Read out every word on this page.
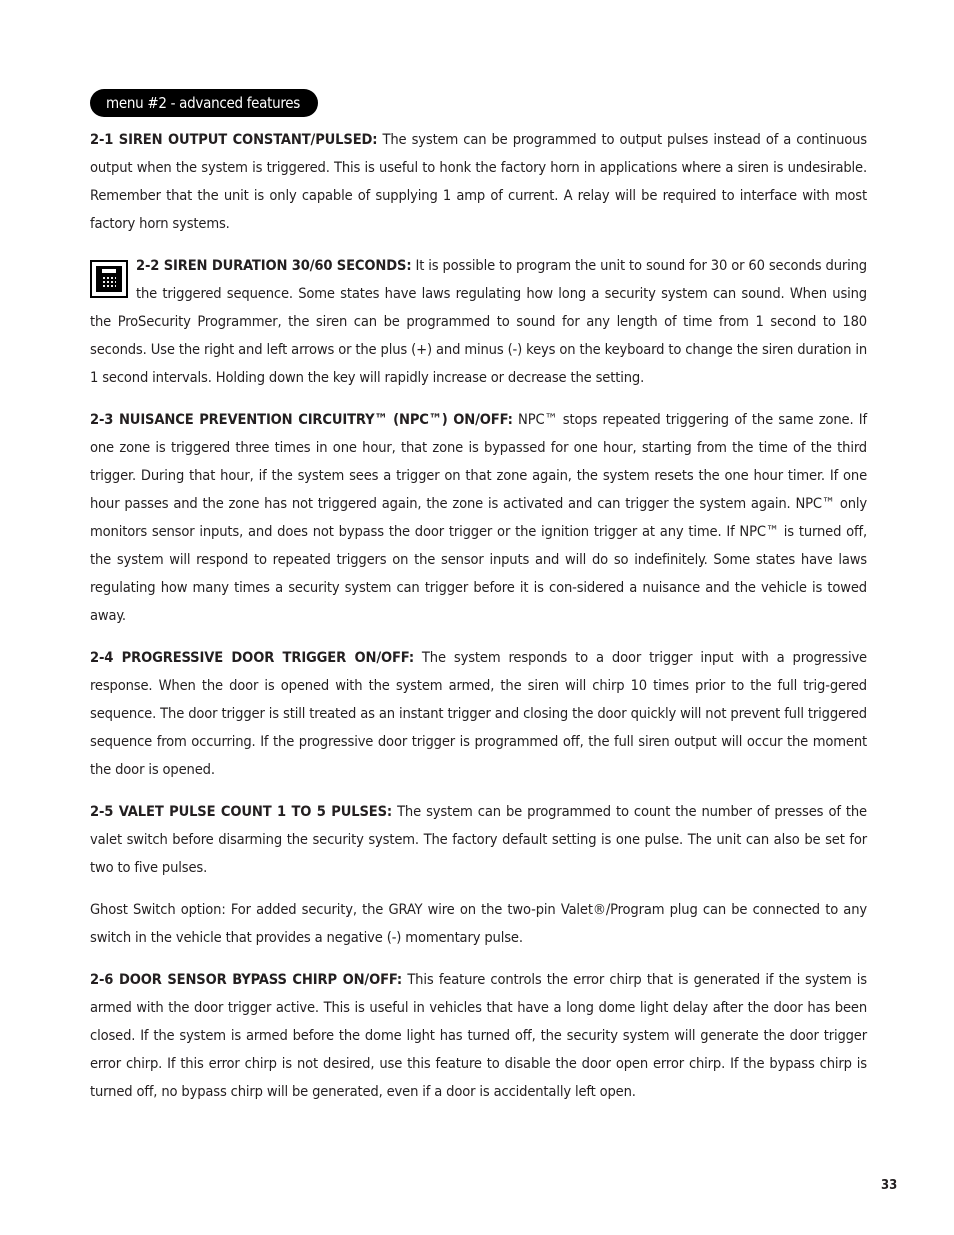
menu #2 - advanced features

2-1 SIREN OUTPUT CONSTANT/PULSED: The system can be programmed to output pulses instead of a continuous output when the system is triggered. This is useful to honk the factory horn in applications where a siren is undesirable. Remember that the unit is only capable of supplying 1 amp of current. A relay will be required to interface with most factory horn systems.

2-2 SIREN DURATION 30/60 SECONDS: It is possible to program the unit to sound for 30 or 60 seconds during the triggered sequence. Some states have laws regulating how long a security system can sound. When using the ProSecurity Programmer, the siren can be programmed to sound for any length of time from 1 second to 180 seconds. Use the right and left arrows or the plus (+) and minus (-) keys on the keyboard to change the siren duration in 1 second intervals. Holding down the key will rapidly increase or decrease the setting.

2-3 NUISANCE PREVENTION CIRCUITRY™ (NPC™) ON/OFF: NPC™ stops repeated triggering of the same zone. If one zone is triggered three times in one hour, that zone is bypassed for one hour, starting from the time of the third trigger. During that hour, if the system sees a trigger on that zone again, the system resets the one hour timer. If one hour passes and the zone has not triggered again, the zone is activated and can trigger the system again. NPC™ only monitors sensor inputs, and does not bypass the door trigger or the ignition trigger at any time. If NPC™ is turned off, the system will respond to repeated triggers on the sensor inputs and will do so indefinitely. Some states have laws regulating how many times a security system can trigger before it is con-sidered a nuisance and the vehicle is towed away.

2-4 PROGRESSIVE DOOR TRIGGER ON/OFF: The system responds to a door trigger input with a progressive response. When the door is opened with the system armed, the siren will chirp 10 times prior to the full trig-gered sequence. The door trigger is still treated as an instant trigger and closing the door quickly will not prevent full triggered sequence from occurring. If the progressive door trigger is programmed off, the full siren output will occur the moment the door is opened.

2-5 VALET PULSE COUNT 1 TO 5 PULSES: The system can be programmed to count the number of presses of the valet switch before disarming the security system. The factory default setting is one pulse. The unit can also be set for two to five pulses.

Ghost Switch option: For added security, the GRAY wire on the two-pin Valet®/Program plug can be connected to any switch in the vehicle that provides a negative (-) momentary pulse.

2-6 DOOR SENSOR BYPASS CHIRP ON/OFF: This feature controls the error chirp that is generated if the system is armed with the door trigger active. This is useful in vehicles that have a long dome light delay after the door has been closed. If the system is armed before the dome light has turned off, the security system will generate the door trigger error chirp. If this error chirp is not desired, use this feature to disable the door open error chirp. If the bypass chirp is turned off, no bypass chirp will be generated, even if a door is accidentally left open.

33
